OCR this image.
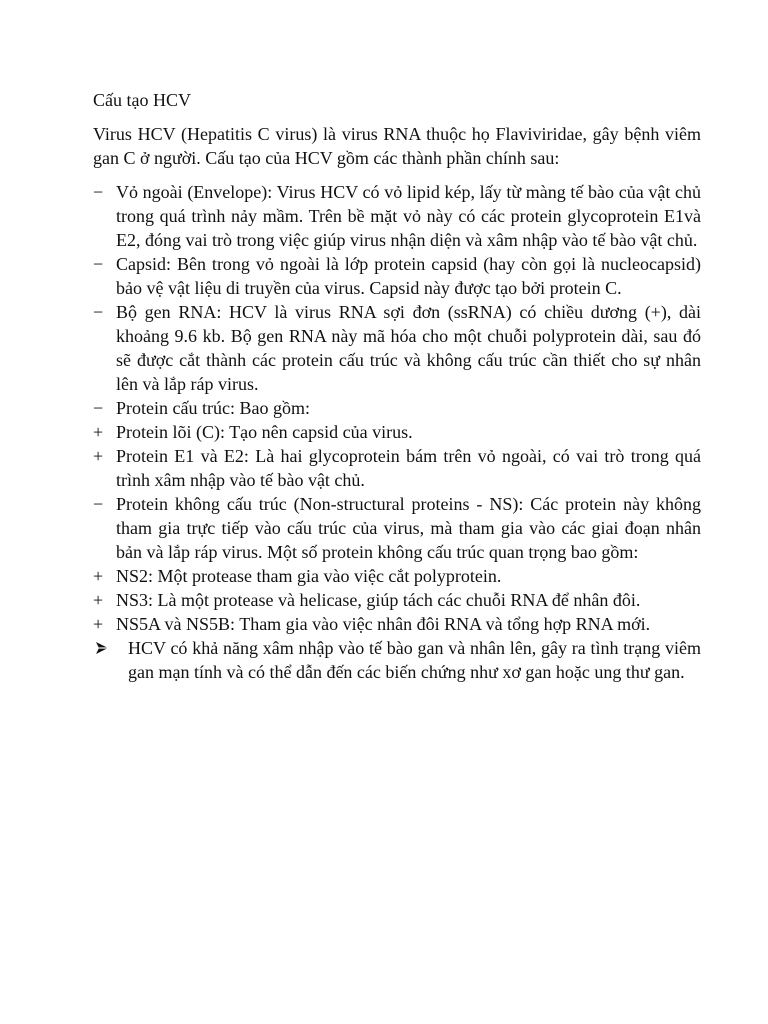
Cấu tạo HCV
Virus HCV (Hepatitis C virus) là virus RNA thuộc họ Flaviviridae, gây bệnh viêm gan C ở người. Cấu tạo của HCV gồm các thành phần chính sau:
− Vỏ ngoài (Envelope): Virus HCV có vỏ lipid kép, lấy từ màng tế bào của vật chủ trong quá trình nảy mầm. Trên bề mặt vỏ này có các protein glycoprotein E1và E2, đóng vai trò trong việc giúp virus nhận diện và xâm nhập vào tế bào vật chủ.
− Capsid: Bên trong vỏ ngoài là lớp protein capsid (hay còn gọi là nucleocapsid) bảo vệ vật liệu di truyền của virus. Capsid này được tạo bởi protein C.
− Bộ gen RNA: HCV là virus RNA sợi đơn (ssRNA) có chiều dương (+), dài khoảng 9.6 kb. Bộ gen RNA này mã hóa cho một chuỗi polyprotein dài, sau đó sẽ được cắt thành các protein cấu trúc và không cấu trúc cần thiết cho sự nhân lên và lắp ráp virus.
− Protein cấu trúc: Bao gồm:
+ Protein lõi (C): Tạo nên capsid của virus.
+ Protein E1 và E2: Là hai glycoprotein bám trên vỏ ngoài, có vai trò trong quá trình xâm nhập vào tế bào vật chủ.
− Protein không cấu trúc (Non-structural proteins - NS): Các protein này không tham gia trực tiếp vào cấu trúc của virus, mà tham gia vào các giai đoạn nhân bản và lắp ráp virus. Một số protein không cấu trúc quan trọng bao gồm:
+ NS2: Một protease tham gia vào việc cắt polyprotein.
+ NS3: Là một protease và helicase, giúp tách các chuỗi RNA để nhân đôi.
+ NS5A và NS5B: Tham gia vào việc nhân đôi RNA và tổng hợp RNA mới.
HCV có khả năng xâm nhập vào tế bào gan và nhân lên, gây ra tình trạng viêm gan mạn tính và có thể dẫn đến các biến chứng như xơ gan hoặc ung thư gan.
